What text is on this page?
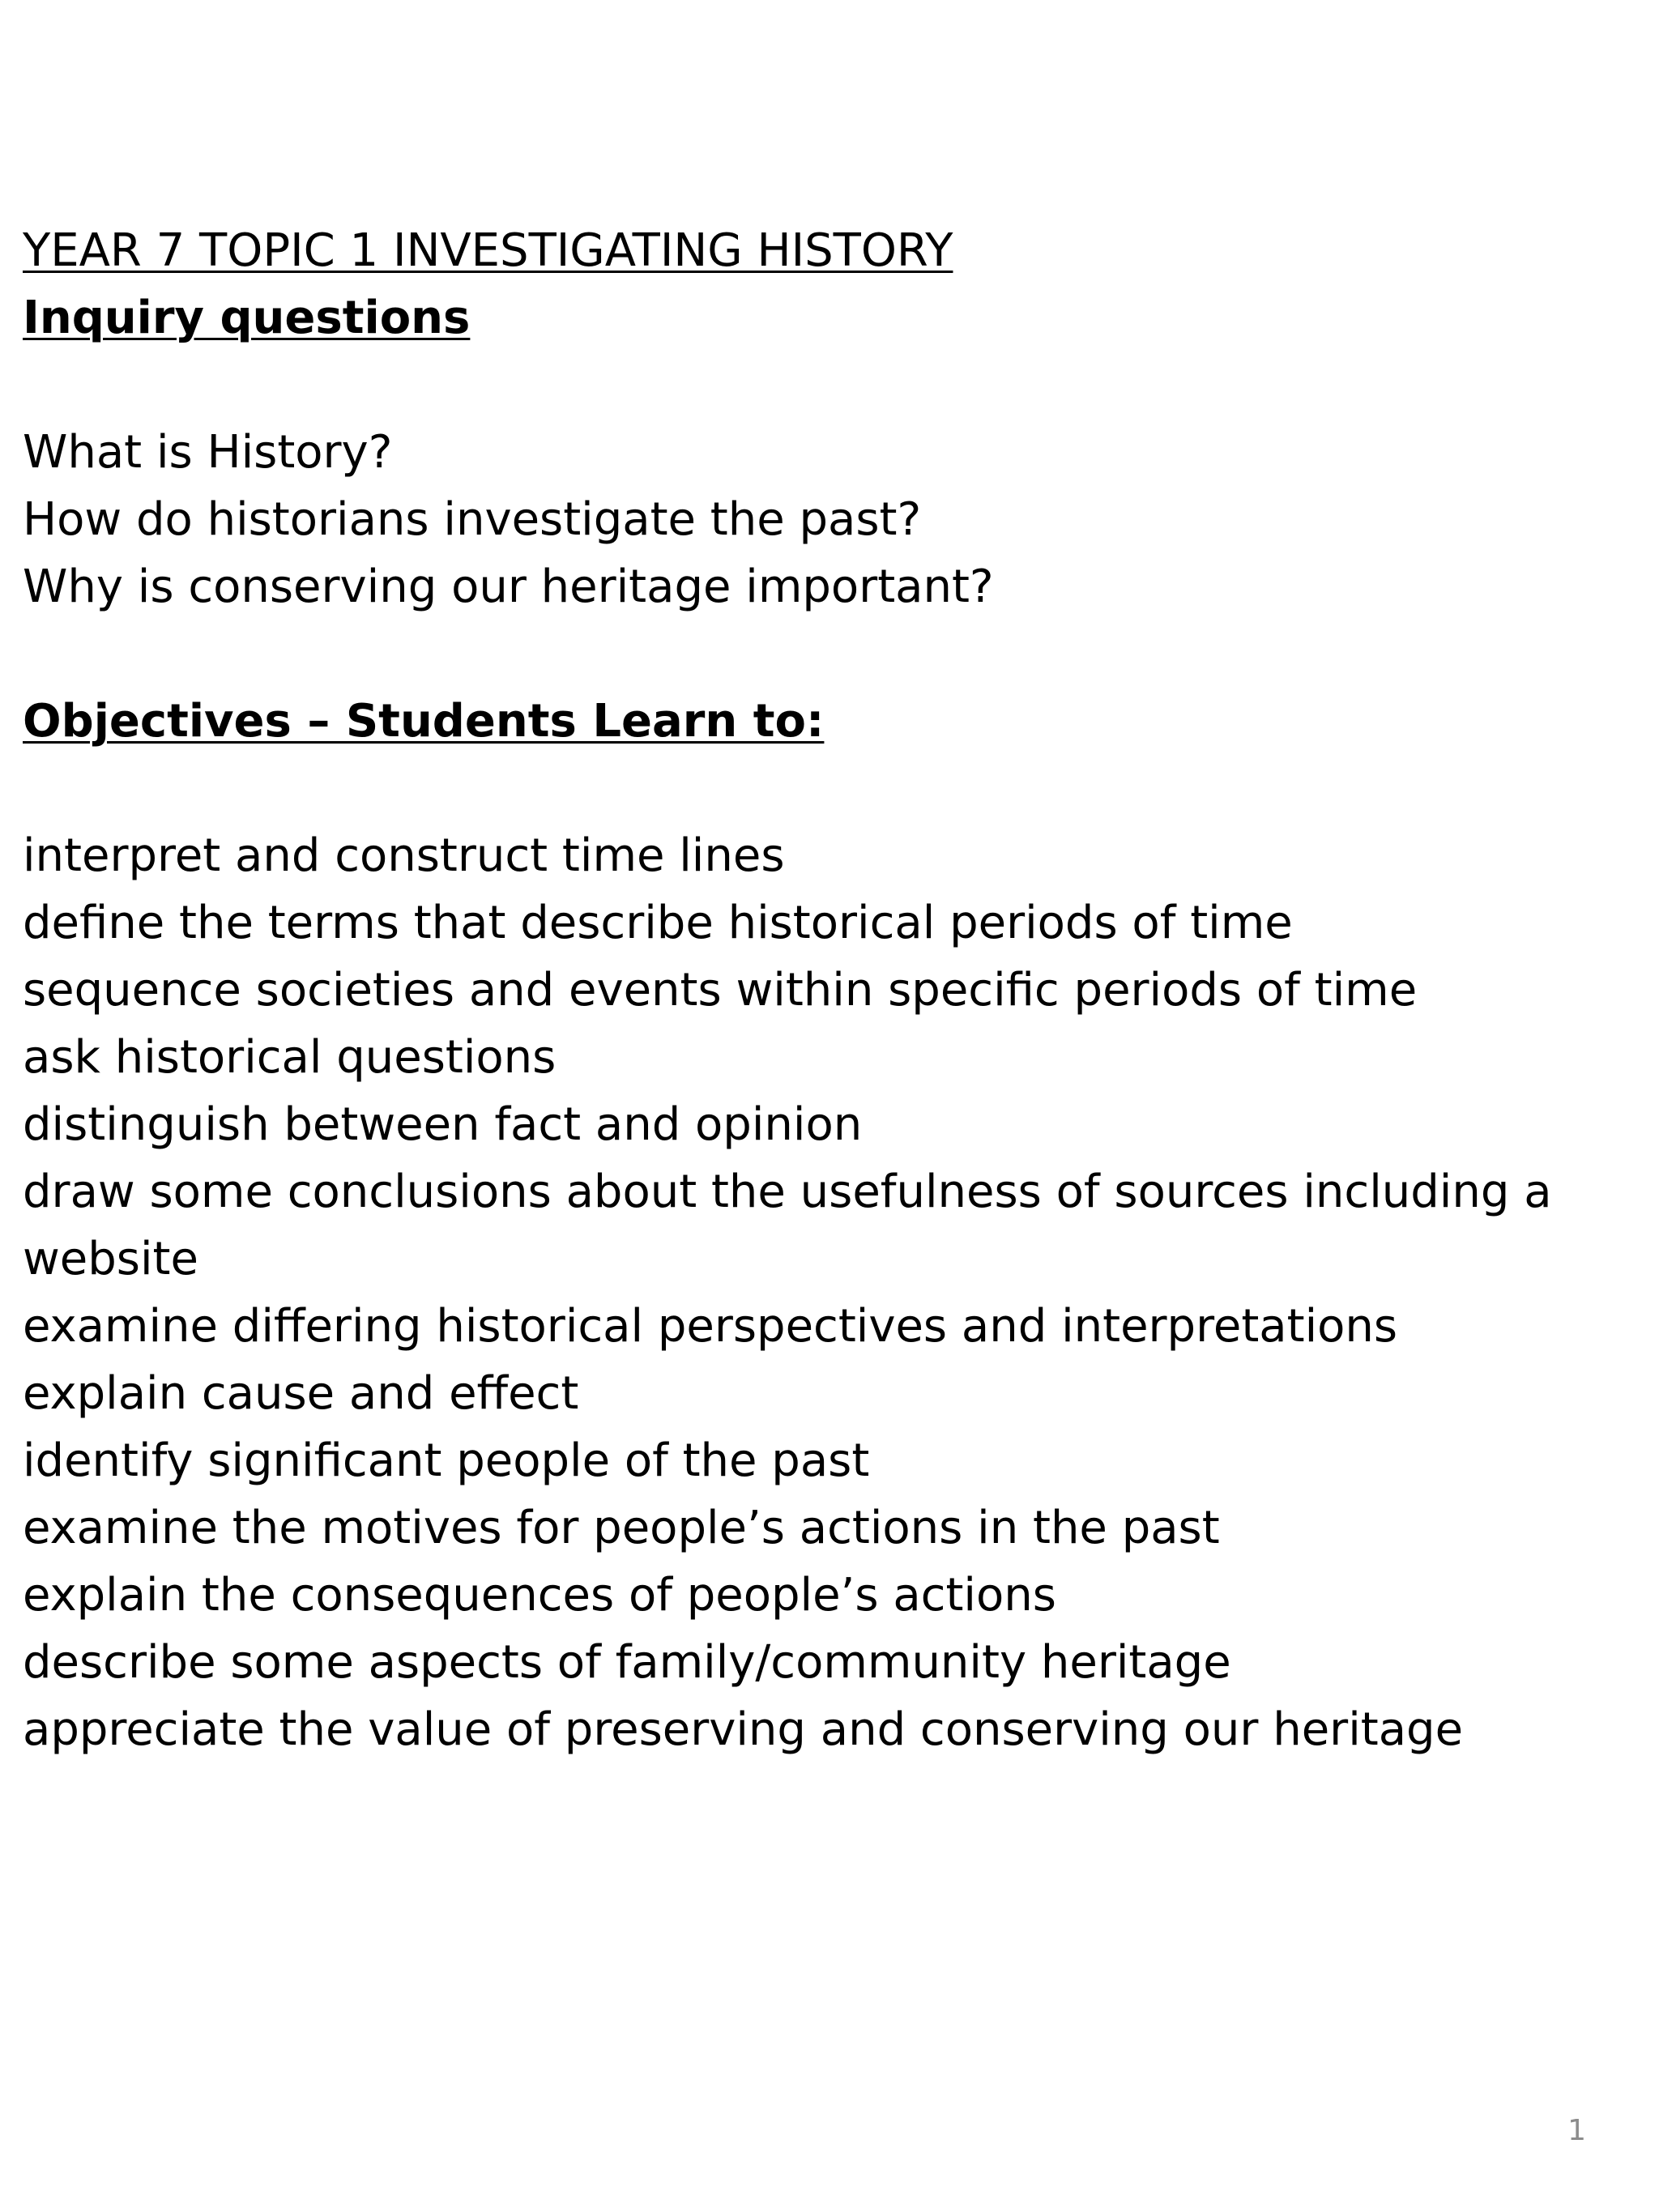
YEAR 7 TOPIC 1 INVESTIGATING HISTORY
Inquiry questions
What is History?
How do historians investigate the past?
Why is conserving our heritage important?
Objectives – Students Learn to:
interpret and construct time lines
define the terms that describe historical periods of time
sequence societies and events within specific periods of time
ask historical questions
distinguish between fact and opinion
draw some conclusions about the usefulness of sources including a website
examine differing historical perspectives and interpretations
explain cause and effect
identify significant people of the past
examine the motives for people’s actions in the past
explain the consequences of people’s actions
describe some aspects of family/community heritage
appreciate the value of preserving and conserving our heritage
1
